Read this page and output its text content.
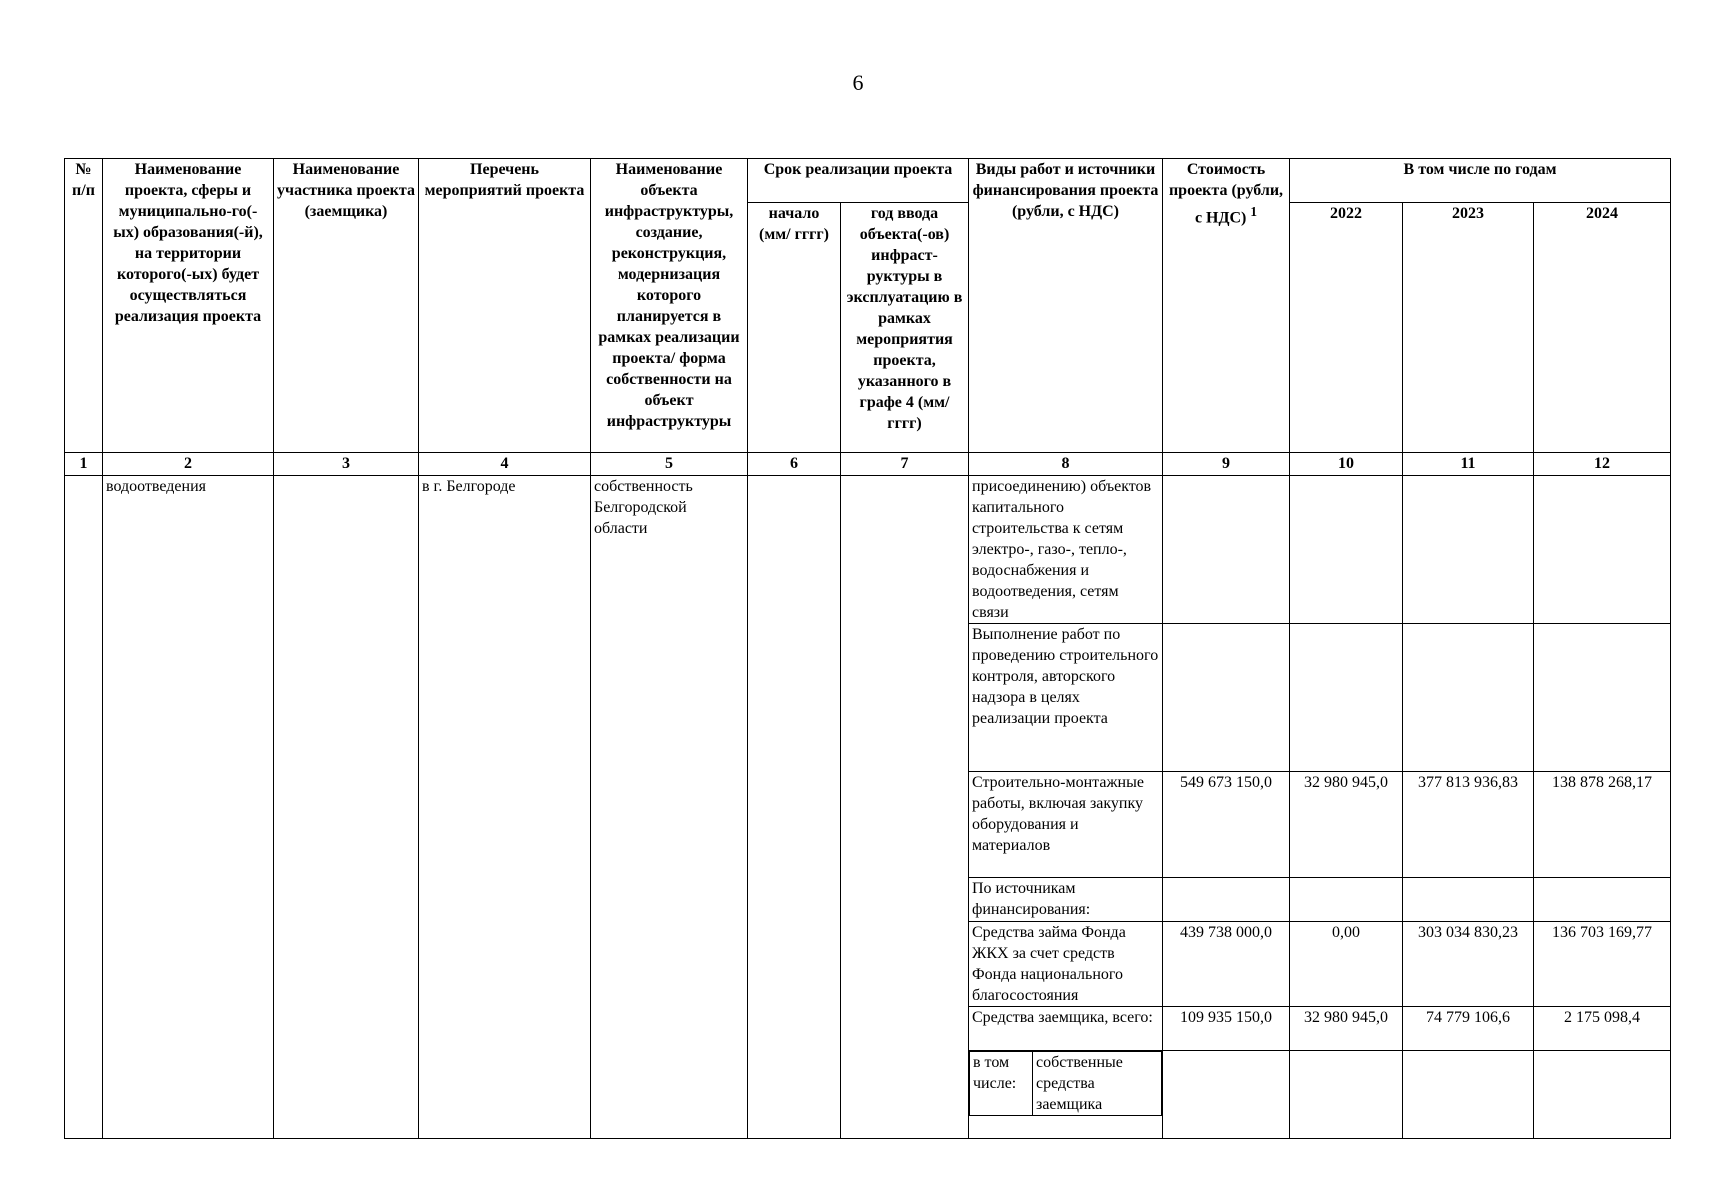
6
№ п/п	Наименование проекта, сферы и муниципально-го(-ых) образования(-й), на территории которого(-ых) будет осуществляться реализация проекта	Наименование участника проекта (заемщика)	Перечень мероприятий проекта	Наименование объекта инфраструктуры, создание, реконструкция, модернизация которого планируется в рамках реализации проекта/ форма собственности на объект инфраструктуры	Срок реализации проекта	Виды работ и источники финансирования проекта (рубли, с НДС)	Стоимость проекта (рубли, с НДС) $^1$	В том числе по годам
начало (мм/ гггг)	год ввода объекта(-ов) инфраст-руктуры в эксплуатацию в рамках мероприятия проекта, указанного в графе 4 (мм/гггг)	2022	2023	2024
1	2	3	4	5	6	7	8	9	10	11	12
	водоотведения		в г. Белгороде	собственность Белгородской области			присоединению) объектов капитального строительства к сетям электро-, газо-, тепло-, водоснабжения и водоотведения, сетям связи				
Выполнение работ по проведению строительного контроля, авторского надзора в целях реализации проекта				
Строительно-монтажные работы, включая закупку оборудования и материалов	549 673 150,0	32 980 945,0	377 813 936,83	138 878 268,17
По источникам финансирования:				
Средства займа Фонда ЖКХ за счет средств Фонда национального благосостояния	439 738 000,0	0,00	303 034 830,23	136 703 169,77
Средства заемщика, всего:	109 935 150,0	32 980 945,0	74 779 106,6	2 175 098,4

в том числе:	собственные средства заемщика
